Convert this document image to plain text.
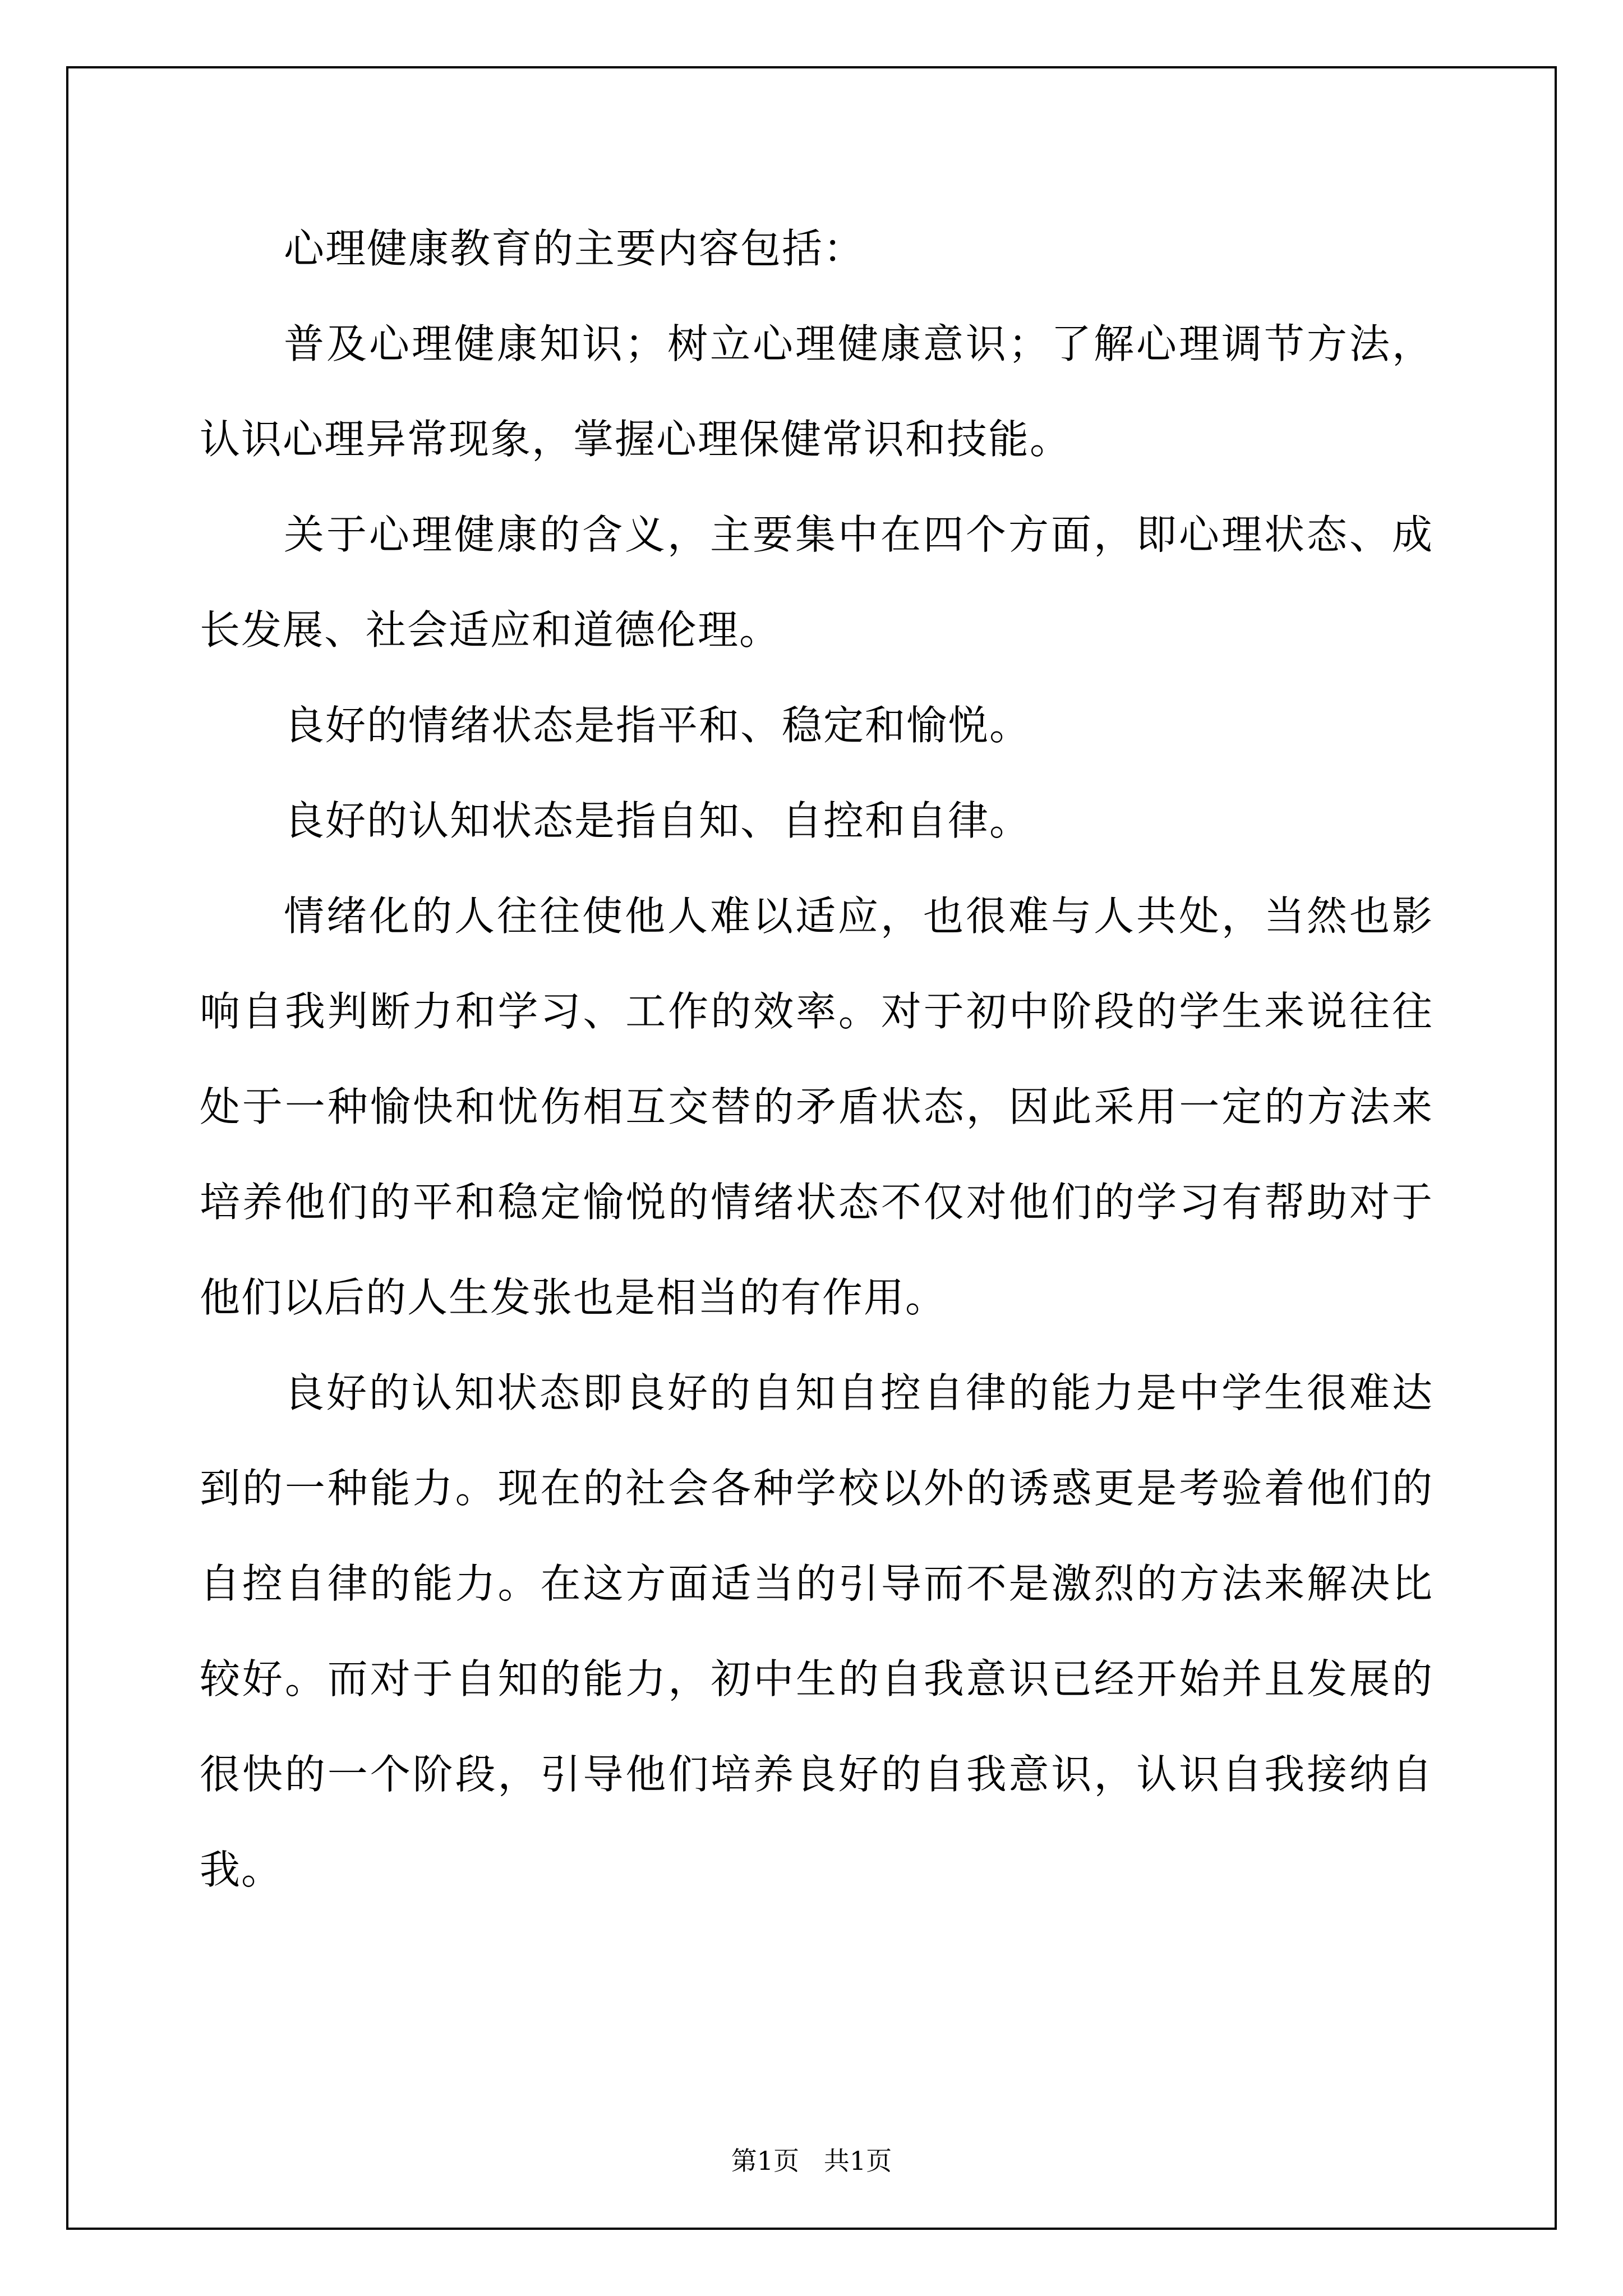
心理健康教育的主要内容包括：

普及心理健康知识；树立心理健康意识；了解心理调节方法，认识心理异常现象，掌握心理保健常识和技能。

关于心理健康的含义，主要集中在四个方面，即心理状态、成长发展、社会适应和道德伦理。

良好的情绪状态是指平和、稳定和愉悦。

良好的认知状态是指自知、自控和自律。

情绪化的人往往使他人难以适应，也很难与人共处，当然也影响自我判断力和学习、工作的效率。对于初中阶段的学生来说往往处于一种愉快和忧伤相互交替的矛盾状态，因此采用一定的方法来培养他们的平和稳定愉悦的情绪状态不仅对他们的学习有帮助对于他们以后的人生发张也是相当的有作用。

良好的认知状态即良好的自知自控自律的能力是中学生很难达到的一种能力。现在的社会各种学校以外的诱惑更是考验着他们的自控自律的能力。在这方面适当的引导而不是激烈的方法来解决比较好。而对于自知的能力，初中生的自我意识已经开始并且发展的很快的一个阶段，引导他们培养良好的自我意识，认识自我接纳自我。

第1页   共1页
